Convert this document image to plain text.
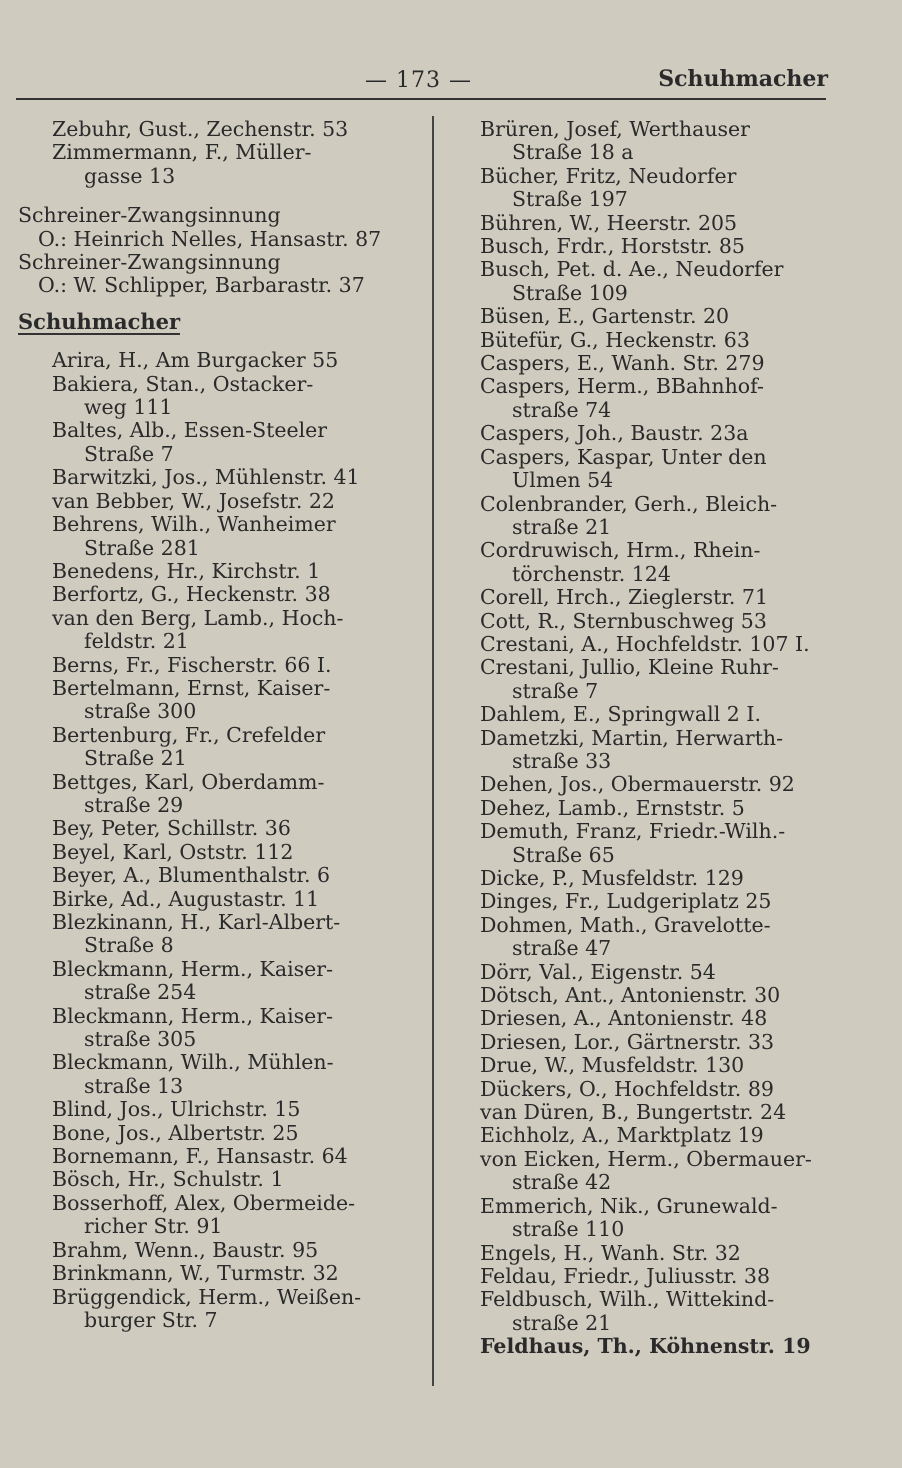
— 173 —	Schuhmacher
Zebuhr, Gust., Zechenstr. 53
Zimmermann, F., Müller-
gasse 13
Schreiner-Zwangsinnung
O.: Heinrich Nelles, Hansastr. 87
Schreiner-Zwangsinnung
O.: W. Schlipper, Barbarastr. 37
Schuhmacher
Arira, H., Am Burgacker 55
Bakiera, Stan., Ostacker-
weg 111
Baltes, Alb., Essen-Steeler
Straße 7
Barwitzki, Jos., Mühlenstr. 41
van Bebber, W., Josefstr. 22
Behrens, Wilh., Wanheimer
Straße 281
Benedens, Hr., Kirchstr. 1
Berfortz, G., Heckenstr. 38
van den Berg, Lamb., Hoch-
feldstr. 21
Berns, Fr., Fischerstr. 66 I.
Bertelmann, Ernst, Kaiser-
straße 300
Bertenburg, Fr., Crefelder
Straße 21
Bettges, Karl, Oberdamm-
straße 29
Bey, Peter, Schillstr. 36
Beyel, Karl, Oststr. 112
Beyer, A., Blumenthalstr. 6
Birke, Ad., Augustastr. 11
Blezkinann, H., Karl-Albert-
Straße 8
Bleckmann, Herm., Kaiser-
straße 254
Bleckmann, Herm., Kaiser-
straße 305
Bleckmann, Wilh., Mühlen-
straße 13
Blind, Jos., Ulrichstr. 15
Bone, Jos., Albertstr. 25
Bornemann, F., Hansastr. 64
Bösch, Hr., Schulstr. 1
Bosserhoff, Alex, Obermeide-
richer Str. 91
Brahm, Wenn., Baustr. 95
Brinkmann, W., Turmstr. 32
Brüggendick, Herm., Weißen-
burger Str. 7
Brüren, Josef, Werthauser
Straße 18 a
Bücher, Fritz, Neudorfer
Straße 197
Bühren, W., Heerstr. 205
Busch, Frdr., Horststr. 85
Busch, Pet. d. Ae., Neudorfer
Straße 109
Büsen, E., Gartenstr. 20
Bütefür, G., Heckenstr. 63
Caspers, E., Wanh. Str. 279
Caspers, Herm., BBahnhof-
straße 74
Caspers, Joh., Baustr. 23a
Caspers, Kaspar, Unter den
Ulmen 54
Colenbrander, Gerh., Bleich-
straße 21
Cordruwisch, Hrm., Rhein-
törchenstr. 124
Corell, Hrch., Zieglerstr. 71
Cott, R., Sternbuschweg 53
Crestani, A., Hochfeldstr. 107 I.
Crestani, Jullio, Kleine Ruhr-
straße 7
Dahlem, E., Springwall 2 I.
Dametzki, Martin, Herwarth-
straße 33
Dehen, Jos., Obermauerstr. 92
Dehez, Lamb., Ernststr. 5
Demuth, Franz, Friedr.-Wilh.-
Straße 65
Dicke, P., Musfeldstr. 129
Dinges, Fr., Ludgeriplatz 25
Dohmen, Math., Gravelotte-
straße 47
Dörr, Val., Eigenstr. 54
Dötsch, Ant., Antonienstr. 30
Driesen, A., Antonienstr. 48
Driesen, Lor., Gärtnerstr. 33
Drue, W., Musfeldstr. 130
Dückers, O., Hochfeldstr. 89
van Düren, B., Bungertstr. 24
Eichholz, A., Marktplatz 19
von Eicken, Herm., Obermauer-
straße 42
Emmerich, Nik., Grunewald-
straße 110
Engels, H., Wanh. Str. 32
Feldau, Friedr., Juliusstr. 38
Feldbusch, Wilh., Wittekind-
straße 21
Feldhaus, Th., Köhnenstr. 19
